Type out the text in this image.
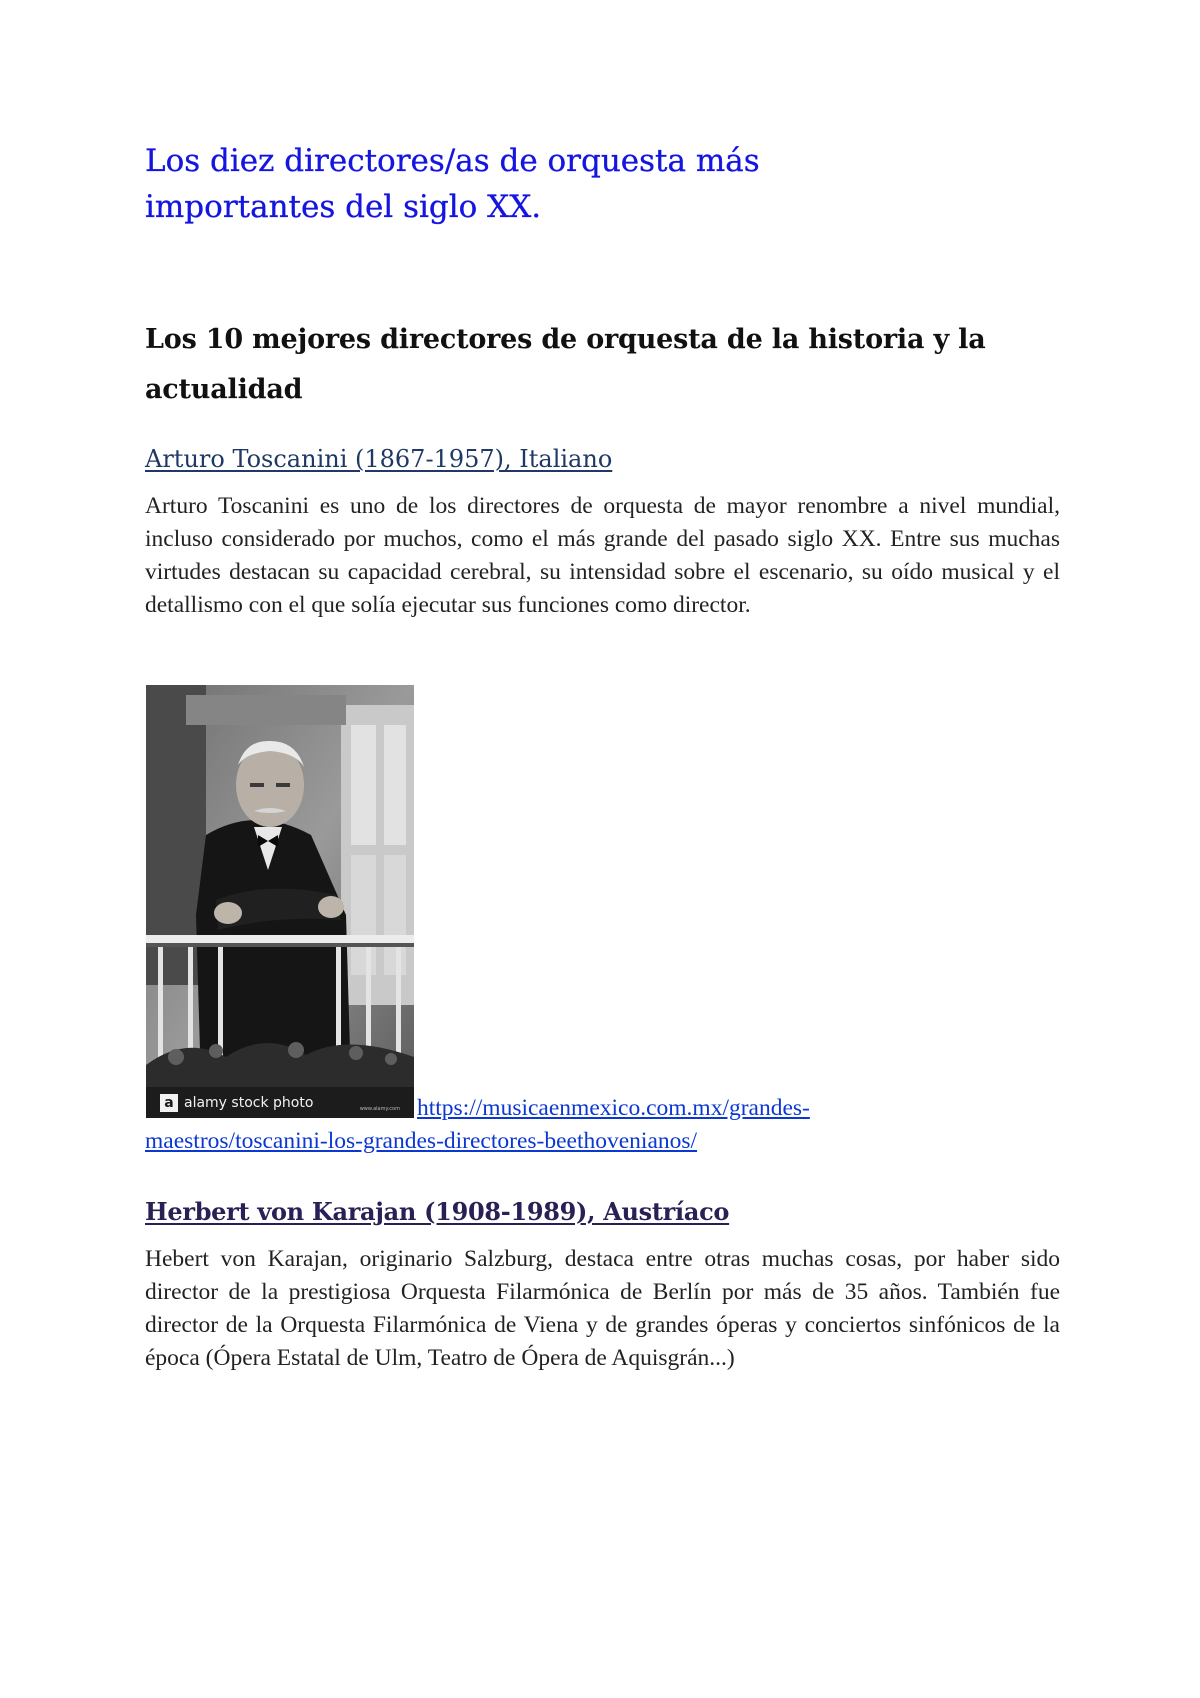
Los diez directores/as de orquesta más importantes del siglo XX.
Los 10 mejores directores de orquesta de la historia y la actualidad
Arturo Toscanini (1867-1957), Italiano

Arturo Toscanini es uno de los directores de orquesta de mayor renombre a nivel mundial, incluso considerado por muchos, como el más grande del pasado siglo XX. Entre sus muchas virtudes destacan su capacidad cerebral, su intensidad sobre el escenario, su oído musical y el detallismo con el que solía ejecutar sus funciones como director.

a alamy stock photo	www.alamy.com https://musicaenmexico.com.mx/grandes-
maestros/toscanini-los-grandes-directores-beethovenianos/

Herbert von Karajan (1908-1989), Austríaco

Hebert von Karajan, originario Salzburg, destaca entre otras muchas cosas, por haber sido director de la prestigiosa Orquesta Filarmónica de Berlín por más de 35 años. También fue director de la Orquesta Filarmónica de Viena y de grandes óperas y conciertos sinfónicos de la época (Ópera Estatal de Ulm, Teatro de Ópera de Aquisgrán...)
